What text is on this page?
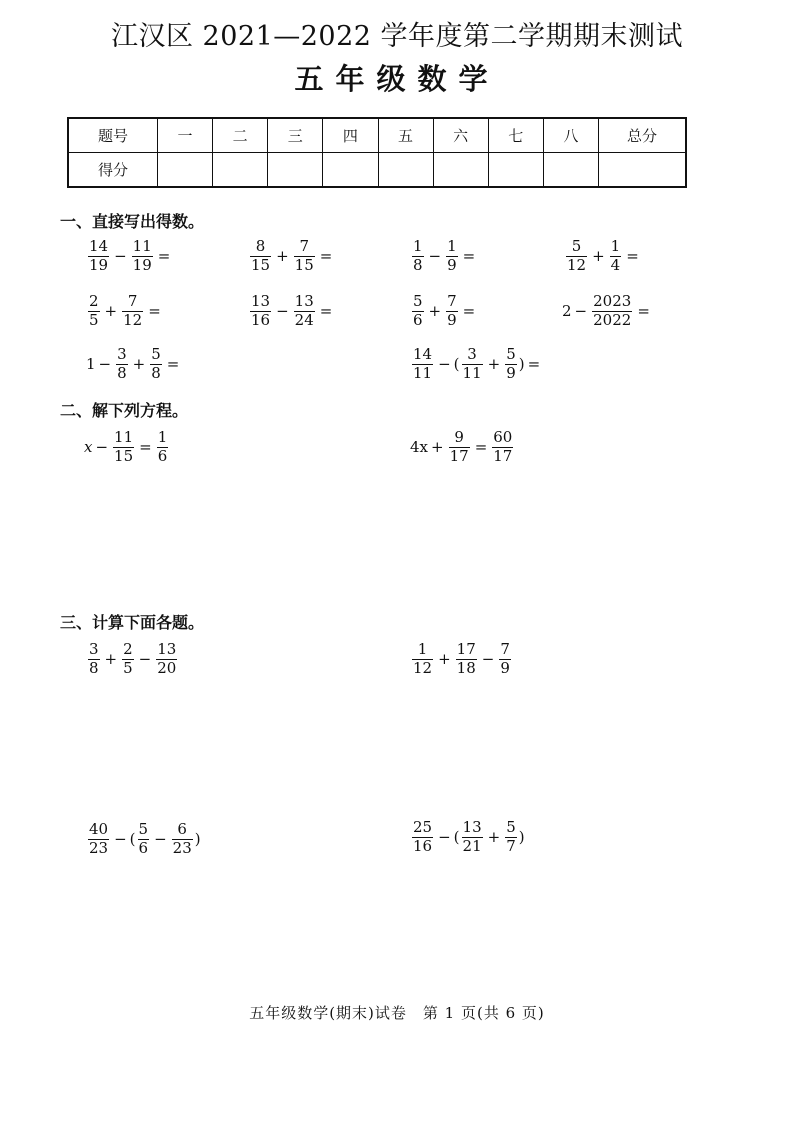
江汉区 2021—2022 学年度第二学期期末测试
五年级数学
题号	一	二	三	四	五	六	七	八	总分
得分									
一、直接写出得数。
$\frac{14}{19} - \frac{11}{19}$ =	$\frac{8}{15} + \frac{7}{15}$ =	$\frac{1}{8} - \frac{1}{9}$ =	$\frac{5}{12} + \frac{1}{4}$ =
$\frac{2}{5} + \frac{7}{12}$ =	$\frac{13}{16} - \frac{13}{24}$ =	$\frac{5}{6} + \frac{7}{9}$ =	$2 - \frac{2023}{2022}$ =
$1 - \frac{3}{8} + \frac{5}{8}$ =	$\frac{14}{11}$ − ( $\frac{3}{11} + \frac{5}{9}$ ) =
二、解下列方程。
$x - \frac{11}{15} = \frac{1}{6}$	$4x + \frac{9}{17} = \frac{60}{17}$
三、计算下面各题。
$\frac{3}{8} + \frac{2}{5} - \frac{13}{20}$	$\frac{1}{12} + \frac{17}{18} - \frac{7}{9}$
$\frac{40}{23}$ − ( $\frac{5}{6} - \frac{6}{23}$ )	$\frac{25}{16}$ − ( $\frac{13}{21} + \frac{5}{7}$ )
五年级数学(期末)试卷　第 1 页(共 6 页)
